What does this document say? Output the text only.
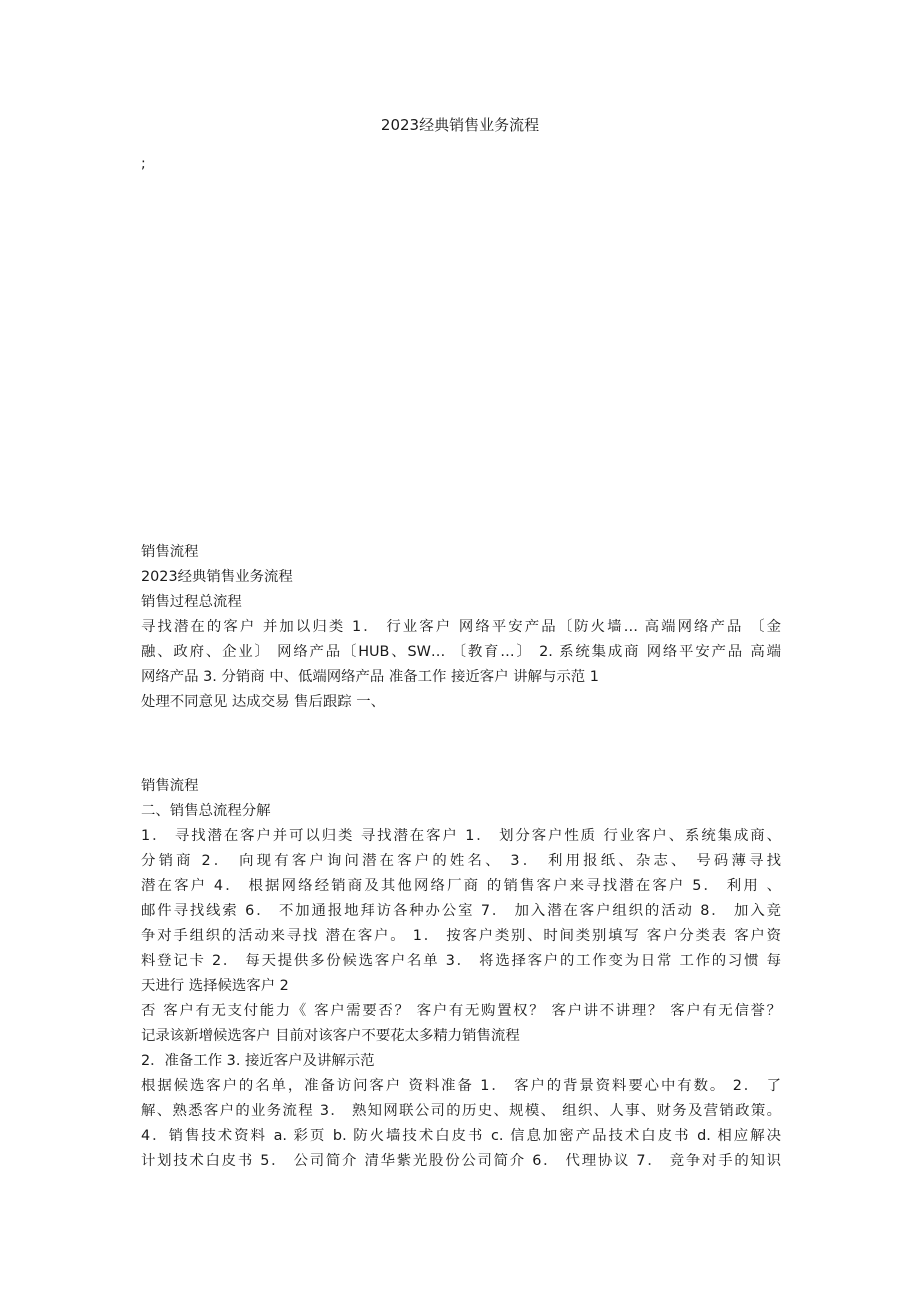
2023经典销售业务流程
;
销售流程
2023经典销售业务流程
销售过程总流程
寻找潜在的客户 并加以归类 1． 行业客户 网络平安产品〔防火墙… 高端网络产品 〔金
融、政府、企业〕 网络产品〔HUB、SW… 〔教育…〕 2. 系统集成商 网络平安产品 高端
网络产品 3. 分销商 中、低端网络产品 准备工作 接近客户 讲解与示范 1
处理不同意见 达成交易 售后跟踪 一、
销售流程
二、销售总流程分解
1． 寻找潜在客户并可以归类 寻找潜在客户 1． 划分客户性质 行业客户、系统集成商、
分销商 2． 向现有客户询问潜在客户的姓名、 3． 利用报纸、杂志、 号码薄寻找
潜在客户 4． 根据网络经销商及其他网络厂商 的销售客户来寻找潜在客户 5． 利用 、
邮件寻找线索 6． 不加通报地拜访各种办公室 7． 加入潜在客户组织的活动 8． 加入竞
争对手组织的活动来寻找 潜在客户。 1． 按客户类别、时间类别填写 客户分类表 客户资
料登记卡 2． 每天提供多份候选客户名单 3． 将选择客户的工作变为日常 工作的习惯 每
天进行 选择候选客户 2
否 客户有无支付能力《 客户需要否？ 客户有无购置权？ 客户讲不讲理？ 客户有无信誉？
记录该新增候选客户 目前对该客户不要花太多精力销售流程
2．准备工作 3. 接近客户及讲解示范
根据候选客户的名单，准备访问客户 资料准备 1． 客户的背景资料要心中有数。 2． 了
解、熟悉客户的业务流程 3． 熟知网联公司的历史、规模、 组织、人事、财务及营销政策。
4．销售技术资料 a. 彩页 b. 防火墙技术白皮书 c. 信息加密产品技术白皮书 d. 相应解决
计划技术白皮书 5． 公司简介 清华紫光股份公司简介 6． 代理协议 7． 竞争对手的知识
